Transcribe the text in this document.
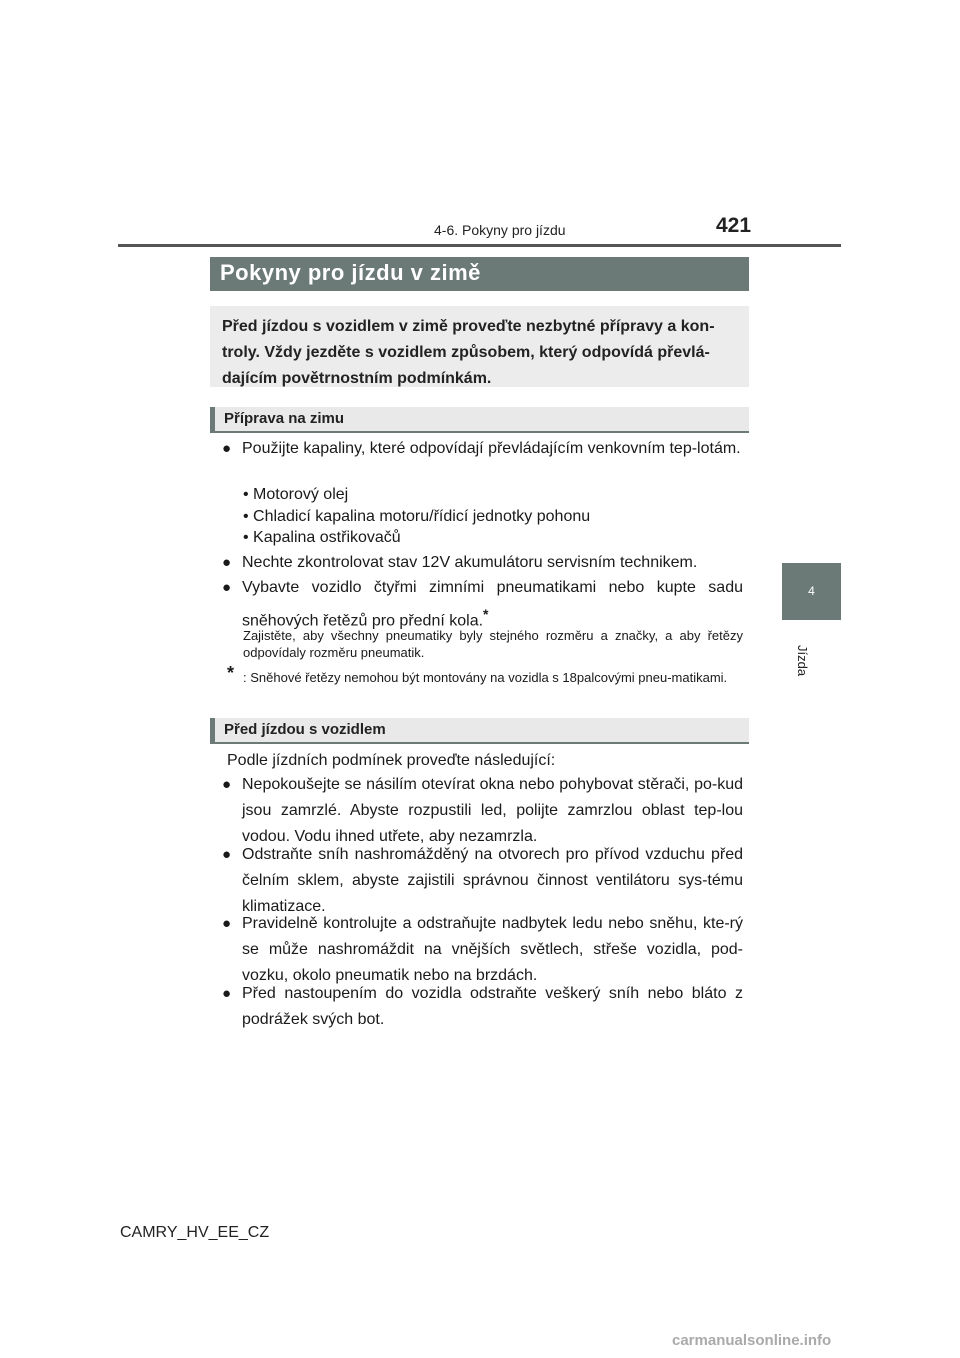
4-6. Pokyny pro jízdu	421
4
Jízda
Pokyny pro jízdu v zimě

Před jízdou s vozidlem v zimě proveďte nezbytné přípravy a kon-troly. Vždy jezděte s vozidlem způsobem, který odpovídá převlá-dajícím povětrnostním podmínkám.

Příprava na zimu
● Použijte kapaliny, které odpovídají převládajícím venkovním tep-lotám.
• Motorový olej
• Chladicí kapalina motoru/řídicí jednotky pohonu
• Kapalina ostřikovačů
● Nechte zkontrolovat stav 12V akumulátoru servisním technikem.
● Vybavte vozidlo čtyřmi zimními pneumatikami nebo kupte sadu sněhových řetězů pro přední kola.*
Zajistěte, aby všechny pneumatiky byly stejného rozměru a značky, a aby řetězy odpovídaly rozměru pneumatik.
* : Sněhové řetězy nemohou být montovány na vozidla s 18palcovými pneu-matikami.
Před jízdou s vozidlem
Podle jízdních podmínek proveďte následující:
● Nepokoušejte se násilím otevírat okna nebo pohybovat stěrači, po-kud jsou zamrzlé. Abyste rozpustili led, polijte zamrzlou oblast tep-lou vodou. Vodu ihned utřete, aby nezamrzla.
● Odstraňte sníh nashromážděný na otvorech pro přívod vzduchu před čelním sklem, abyste zajistili správnou činnost ventilátoru sys-tému klimatizace.
● Pravidelně kontrolujte a odstraňujte nadbytek ledu nebo sněhu, kte-rý se může nashromáždit na vnějších světlech, střeše vozidla, pod-vozku, okolo pneumatik nebo na brzdách.
● Před nastoupením do vozidla odstraňte veškerý sníh nebo bláto z podrážek svých bot.
CAMRY_HV_EE_CZ
carmanualsonline.info
